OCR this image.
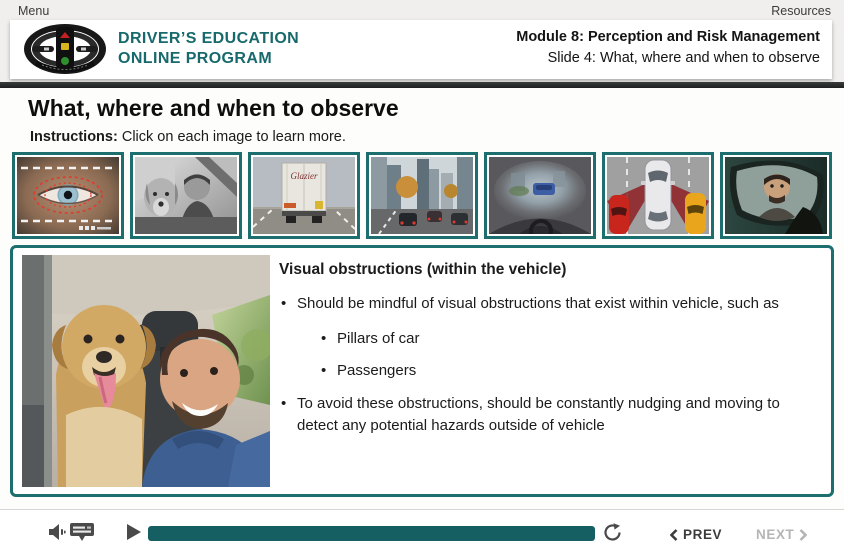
Menu	Resources
DRIVER’S EDUCATION
ONLINE PROGRAM
Module 8: Perception and Risk Management
Slide 4: What, where and when to observe
What, where and when to observe
Instructions: Click on each image to learn more.
Glazier
Visual obstructions (within the vehicle)
• Should be mindful of visual obstructions that exist within vehicle, such as
• Pillars of car
• Passengers
• To avoid these obstructions, should be constantly nudging and moving to detect any potential hazards outside of vehicle
PREV	NEXT
